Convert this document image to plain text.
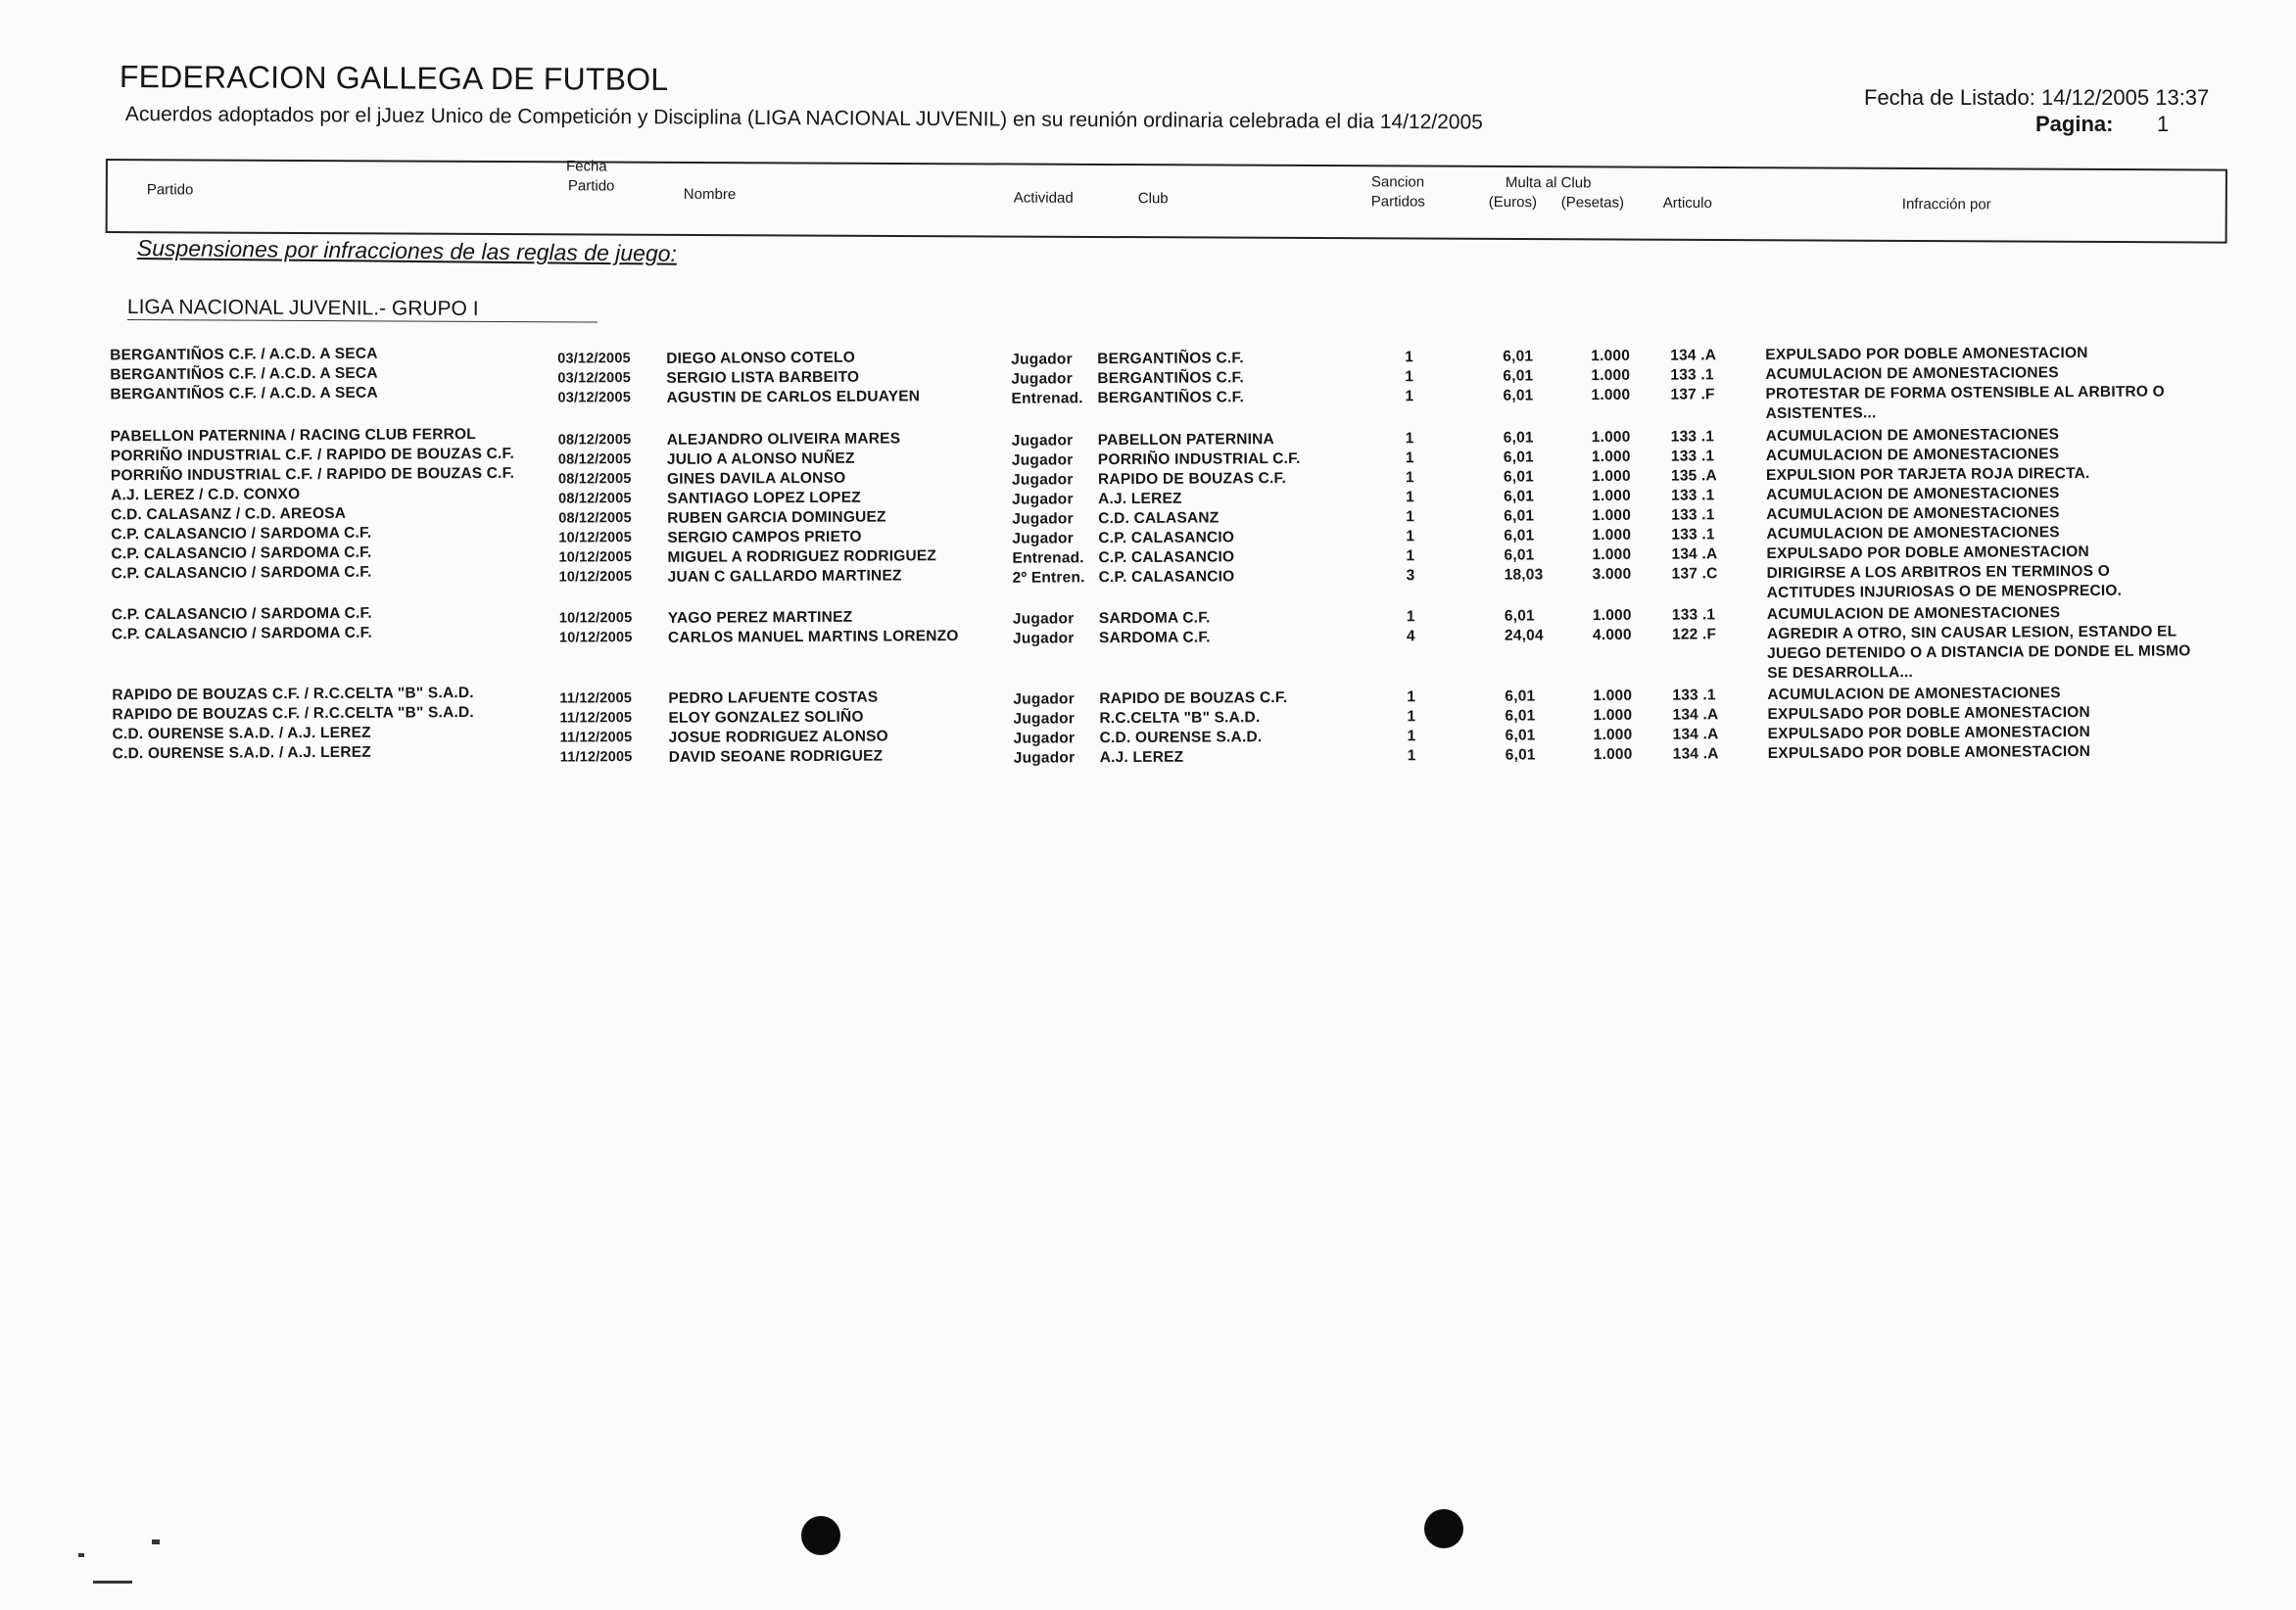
FEDERACION GALLEGA DE FUTBOL
Acuerdos adoptados por el jJuez Unico de Competición y Disciplina (LIGA NACIONAL JUVENIL) en su reunión ordinaria celebrada el dia 14/12/2005
Fecha de Listado: 14/12/2005 13:37
Pagina: 1
Partido
Fecha
Partido	Nombre	Actividad	Club
Sancion
Partidos
Multa al Club
(Euros) (Pesetas)	Articulo	Infracción por
Suspensiones por infracciones de las reglas de juego:
LIGA NACIONAL JUVENIL.- GRUPO I
BERGANTIÑOS C.F. / A.C.D. A SECA	03/12/2005 DIEGO ALONSO COTELO	Jugador BERGANTIÑOS C.F.	1	6,01	1.000	134 .A	EXPULSADO POR DOBLE AMONESTACION
BERGANTIÑOS C.F. / A.C.D. A SECA	03/12/2005 SERGIO LISTA BARBEITO	Jugador BERGANTIÑOS C.F.	1	6,01	1.000	133 .1	ACUMULACION DE AMONESTACIONES
BERGANTIÑOS C.F. / A.C.D. A SECA	03/12/2005 AGUSTIN DE CARLOS ELDUAYEN	Entrenad. BERGANTIÑOS C.F.	1	6,01	1.000	137 .F	PROTESTAR DE FORMA OSTENSIBLE AL ARBITRO O
ASISTENTES...
PABELLON PATERNINA / RACING CLUB FERROL	08/12/2005 ALEJANDRO OLIVEIRA MARES	Jugador PABELLON PATERNINA	1	6,01	1.000	133 .1	ACUMULACION DE AMONESTACIONES
PORRIÑO INDUSTRIAL C.F. / RAPIDO DE BOUZAS C.F.	08/12/2005 JULIO A ALONSO NUÑEZ	Jugador PORRIÑO INDUSTRIAL C.F.	1	6,01	1.000	133 .1	ACUMULACION DE AMONESTACIONES
PORRIÑO INDUSTRIAL C.F. / RAPIDO DE BOUZAS C.F.	08/12/2005 GINES DAVILA ALONSO	Jugador RAPIDO DE BOUZAS C.F.	1	6,01	1.000	135 .A	EXPULSION POR TARJETA ROJA DIRECTA.
A.J. LEREZ / C.D. CONXO	08/12/2005 SANTIAGO LOPEZ LOPEZ	Jugador A.J. LEREZ	1	6,01	1.000	133 .1	ACUMULACION DE AMONESTACIONES
C.D. CALASANZ / C.D. AREOSA	08/12/2005 RUBEN GARCIA DOMINGUEZ	Jugador C.D. CALASANZ	1	6,01	1.000	133 .1	ACUMULACION DE AMONESTACIONES
C.P. CALASANCIO / SARDOMA C.F.	10/12/2005 SERGIO CAMPOS PRIETO	Jugador C.P. CALASANCIO	1	6,01	1.000	133 .1	ACUMULACION DE AMONESTACIONES
C.P. CALASANCIO / SARDOMA C.F.	10/12/2005 MIGUEL A RODRIGUEZ RODRIGUEZ	Entrenad. C.P. CALASANCIO	1	6,01	1.000	134 .A	EXPULSADO POR DOBLE AMONESTACION
C.P. CALASANCIO / SARDOMA C.F.	10/12/2005 JUAN C GALLARDO MARTINEZ	2º Entren. C.P. CALASANCIO	3	18,03	3.000	137 .C	DIRIGIRSE A LOS ARBITROS EN TERMINOS O
ACTITUDES INJURIOSAS O DE MENOSPRECIO.
C.P. CALASANCIO / SARDOMA C.F.	10/12/2005 YAGO PEREZ MARTINEZ	Jugador SARDOMA C.F.	1	6,01	1.000	133 .1	ACUMULACION DE AMONESTACIONES
C.P. CALASANCIO / SARDOMA C.F.	10/12/2005 CARLOS MANUEL MARTINS LORENZO	Jugador SARDOMA C.F.	4	24,04	4.000	122 .F	AGREDIR A OTRO, SIN CAUSAR LESION, ESTANDO EL
JUEGO DETENIDO O A DISTANCIA DE DONDE EL MISMO
SE DESARROLLA...
RAPIDO DE BOUZAS C.F. / R.C.CELTA "B" S.A.D.	11/12/2005 PEDRO LAFUENTE COSTAS	Jugador RAPIDO DE BOUZAS C.F.	1	6,01	1.000	133 .1	ACUMULACION DE AMONESTACIONES
RAPIDO DE BOUZAS C.F. / R.C.CELTA "B" S.A.D.	11/12/2005 ELOY GONZALEZ SOLIÑO	Jugador R.C.CELTA "B" S.A.D.	1	6,01	1.000	134 .A	EXPULSADO POR DOBLE AMONESTACION
C.D. OURENSE S.A.D. / A.J. LEREZ	11/12/2005 JOSUE RODRIGUEZ ALONSO	Jugador C.D. OURENSE S.A.D.	1	6,01	1.000	134 .A	EXPULSADO POR DOBLE AMONESTACION
C.D. OURENSE S.A.D. / A.J. LEREZ	11/12/2005 DAVID SEOANE RODRIGUEZ	Jugador A.J. LEREZ	1	6,01	1.000	134 .A	EXPULSADO POR DOBLE AMONESTACION
